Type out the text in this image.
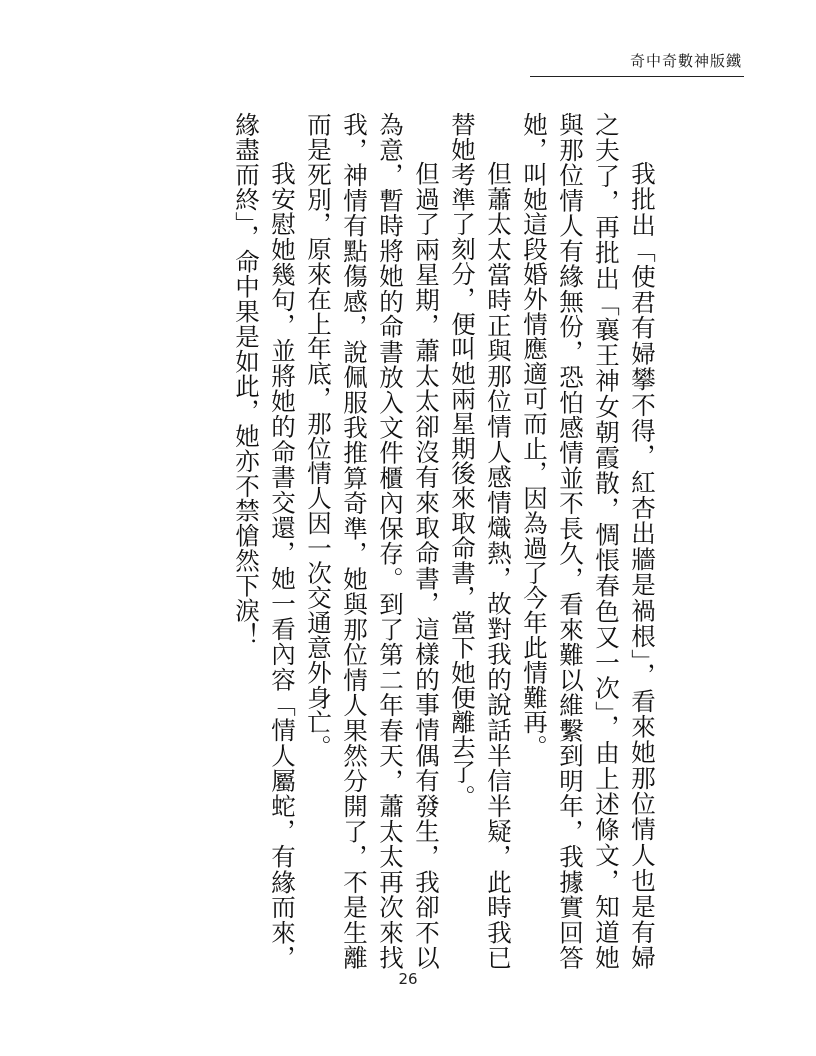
奇中奇數神版鐵

我批出「使君有婦攀不得，紅杏出牆是禍根」，看來她那位情人也是有婦之夫了，再批出「襄王神女朝霞散，惆悵春色又一次」，由上述條文，知道她與那位情人有緣無份，恐怕感情並不長久，看來難以維繫到明年，我據實回答她，叫她這段婚外情應適可而止，因為過了今年此情難再。

但蕭太太當時正與那位情人感情熾熱，故對我的說話半信半疑，此時我已替她考準了刻分，便叫她兩星期後來取命書，當下她便離去了。

但過了兩星期，蕭太太卻沒有來取命書，這樣的事情偶有發生，我卻不以為意，暫時將她的命書放入文件櫃內保存。到了第二年春天，蕭太太再次來找我，神情有點傷感，說佩服我推算奇準，她與那位情人果然分開了，不是生離而是死別，原來在上年底，那位情人因一次交通意外身亡。

我安慰她幾句，並將她的命書交還，她一看內容「情人屬蛇，有緣而來，緣盡而終」，命中果是如此，她亦不禁愴然下淚！

26
